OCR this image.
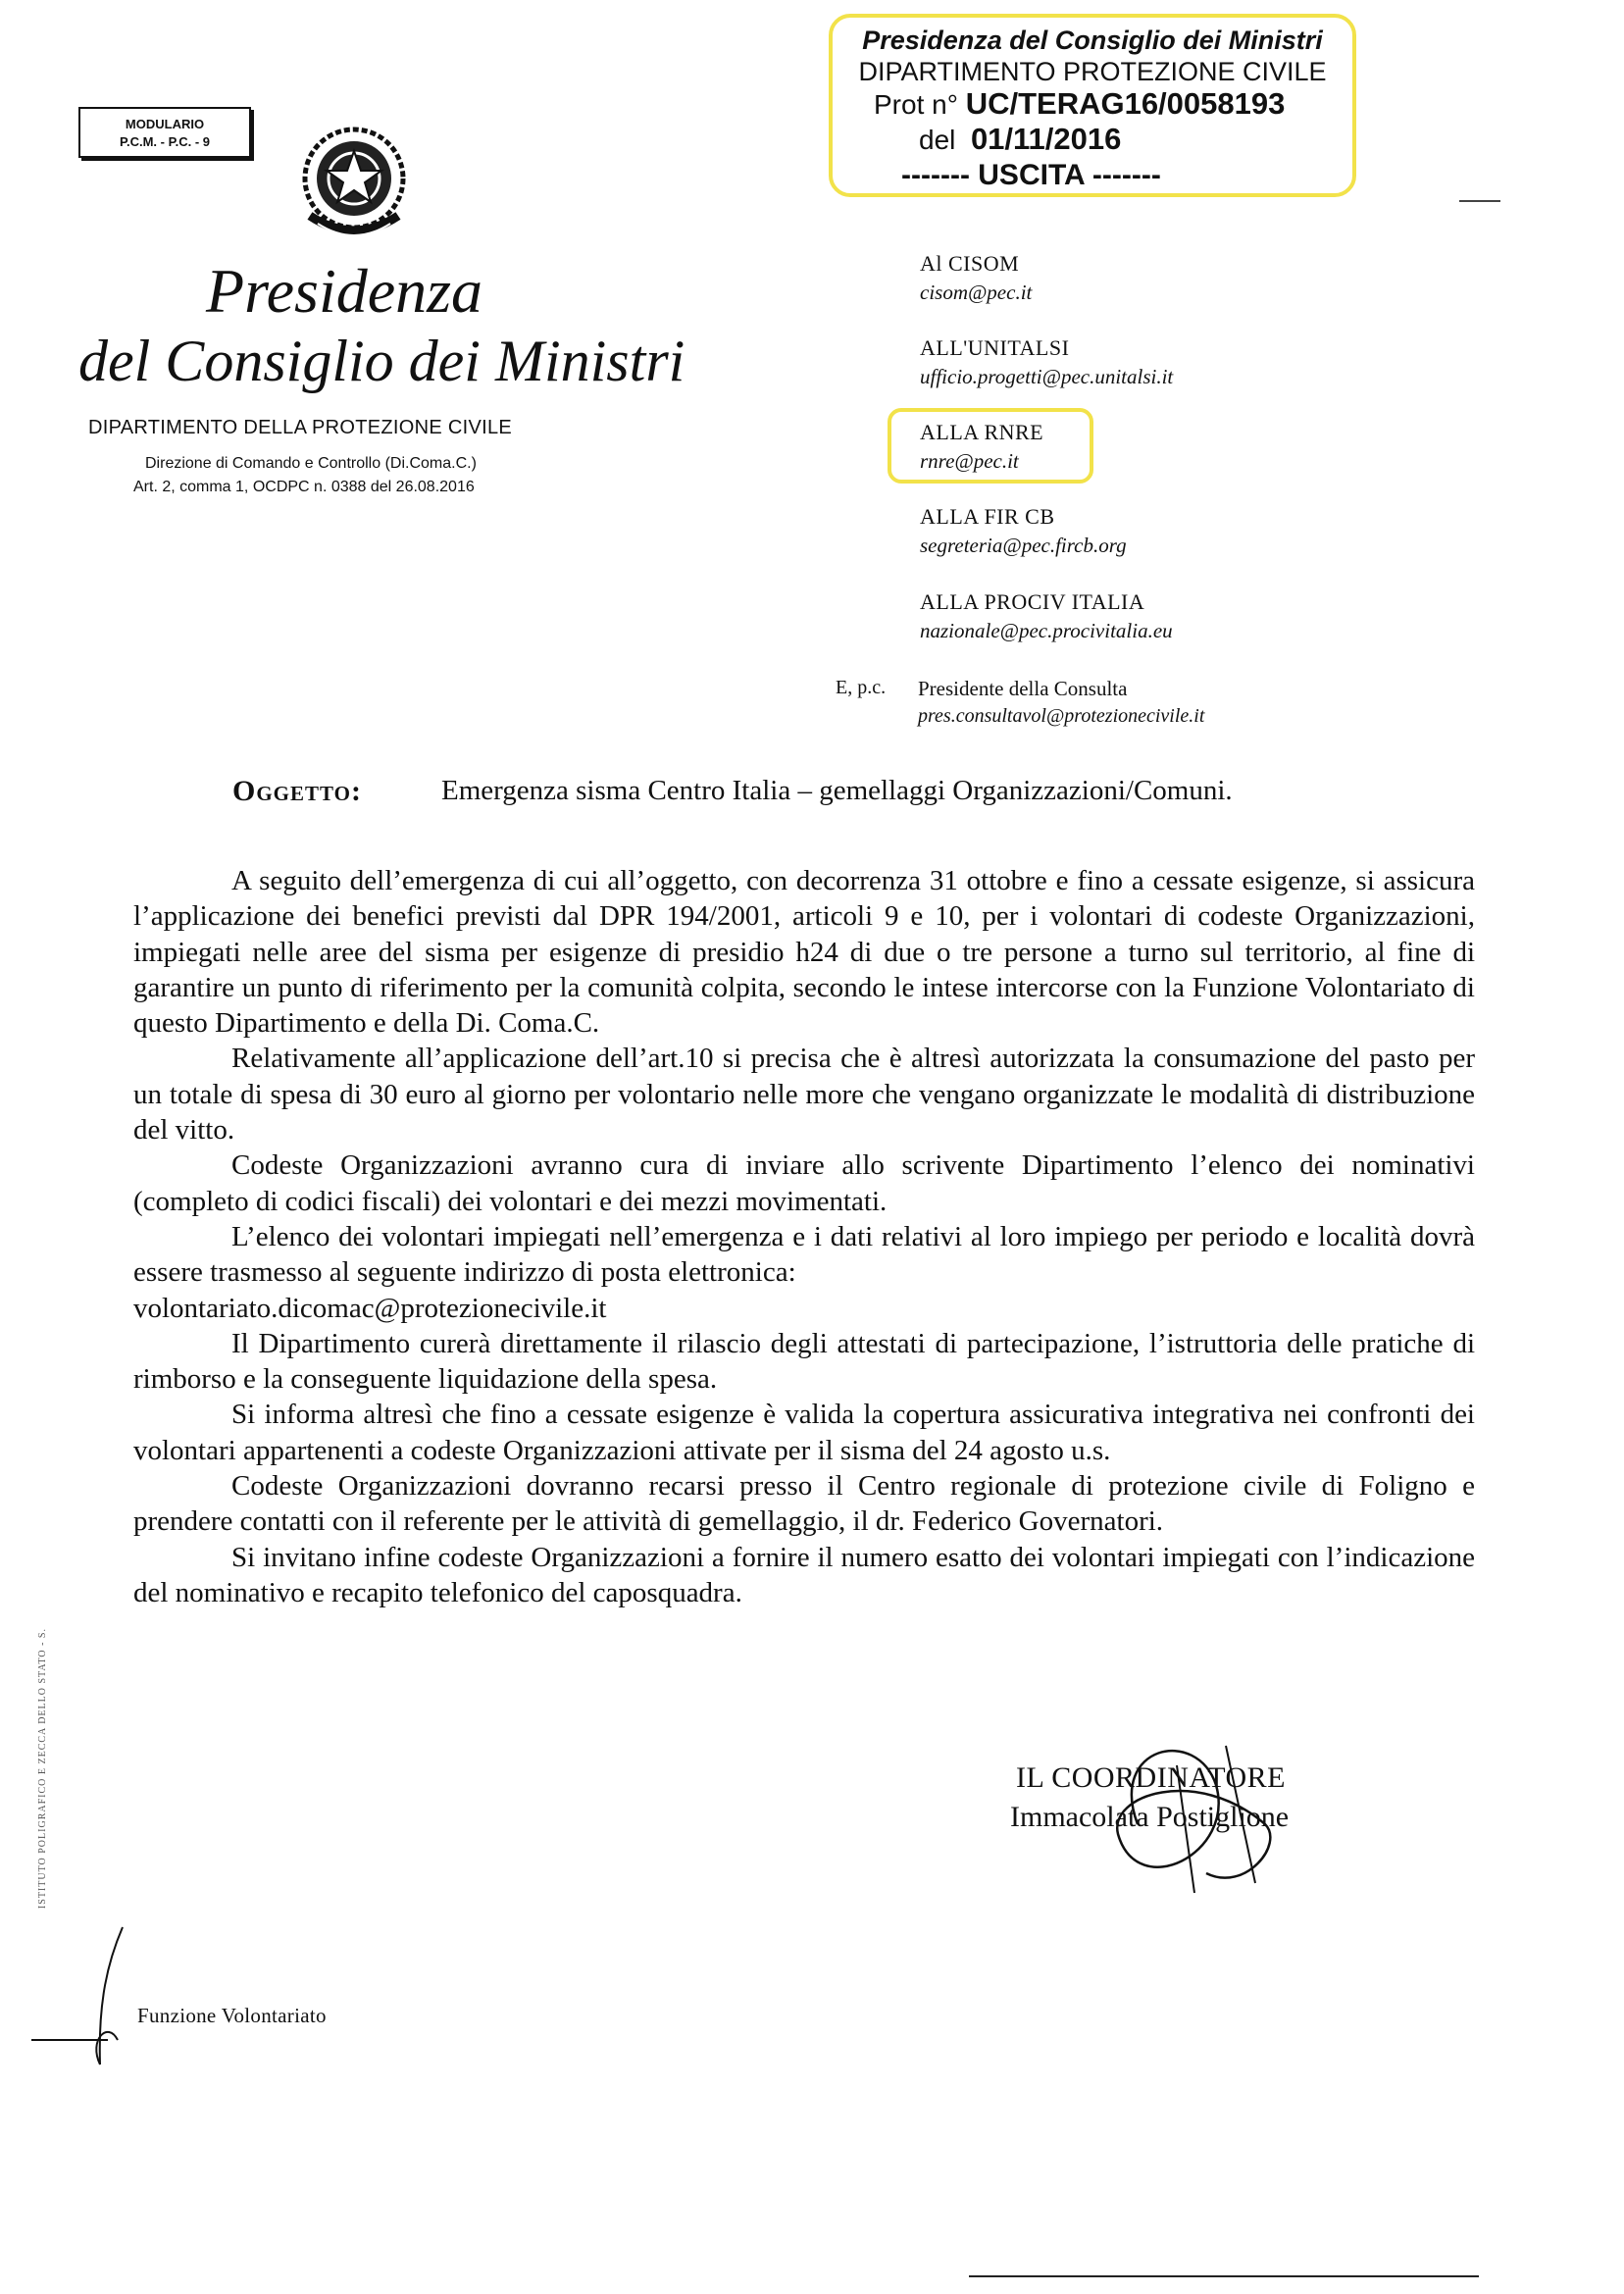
MODULARIO
P.C.M. - P.C. - 9
Presidenza del Consiglio dei Ministri
DIPARTIMENTO PROTEZIONE CIVILE
Prot n° UC/TERAG16/0058193
del 01/11/2016
------- USCITA -------
Presidenza
del Consiglio dei Ministri
DIPARTIMENTO DELLA PROTEZIONE CIVILE
Direzione di Comando e Controllo (Di.Coma.C.)
Art. 2, comma 1, OCDPC n. 0388 del 26.08.2016
Al CISOM
cisom@pec.it
ALL'UNITALSI
ufficio.progetti@pec.unitalsi.it
ALLA RNRE
rnre@pec.it
ALLA FIR CB
segreteria@pec.fircb.org
ALLA PROCIV ITALIA
nazionale@pec.procivitalia.eu
E, p.c. Presidente della Consulta
pres.consultavol@protezionecivile.it
Oggetto:	Emergenza sisma Centro Italia – gemellaggi Organizzazioni/Comuni.

A seguito dell’emergenza di cui all’oggetto, con decorrenza 31 ottobre e fino a cessate esigenze, si assicura l’applicazione dei benefici previsti dal DPR 194/2001, articoli 9 e 10, per i volontari di codeste Organizzazioni, impiegati nelle aree del sisma per esigenze di presidio h24 di due o tre persone a turno sul territorio, al fine di garantire un punto di riferimento per la comunità colpita, secondo le intese intercorse con la Funzione Volontariato di questo Dipartimento e della Di. Coma.C.

Relativamente all’applicazione dell’art.10 si precisa che è altresì autorizzata la consumazione del pasto per un totale di spesa di 30 euro al giorno per volontario nelle more che vengano organizzate le modalità di distribuzione del vitto.

Codeste Organizzazioni avranno cura di inviare allo scrivente Dipartimento l’elenco dei nominativi (completo di codici fiscali) dei volontari e dei mezzi movimentati.

L’elenco dei volontari impiegati nell’emergenza e i dati relativi al loro impiego per periodo e località dovrà essere trasmesso al seguente indirizzo di posta elettronica:

volontariato.dicomac@protezionecivile.it

Il Dipartimento curerà direttamente il rilascio degli attestati di partecipazione, l’istruttoria delle pratiche di rimborso e la conseguente liquidazione della spesa.

Si informa altresì che fino a cessate esigenze è valida la copertura assicurativa integrativa nei confronti dei volontari appartenenti a codeste Organizzazioni attivate per il sisma del 24 agosto u.s.

Codeste Organizzazioni dovranno recarsi presso il Centro regionale di protezione civile di Foligno e prendere contatti con il referente per le attività di gemellaggio, il dr. Federico Governatori.

Si invitano infine codeste Organizzazioni a fornire il numero esatto dei volontari impiegati con l’indicazione del nominativo e recapito telefonico del caposquadra.

IL COORDINATORE
Immacolata Postiglione
ISTITUTO POLIGRAFICO E ZECCA DELLO STATO - S.
Funzione Volontariato
